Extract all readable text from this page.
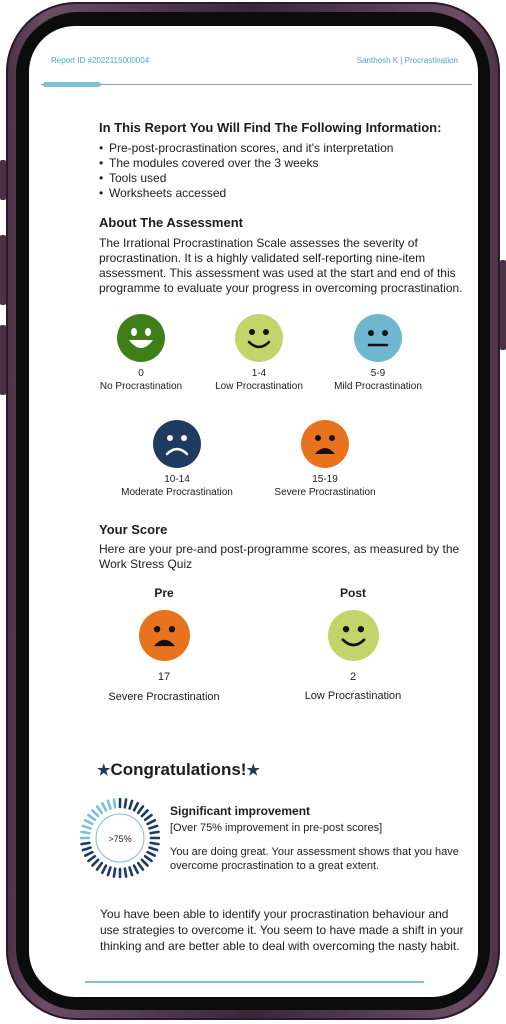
Report ID #2022115000004	Santhosh K | Procrastination
In This Report You Will Find The Following Information:
• Pre-post-procrastination scores, and it's interpretation
• The modules covered over the 3 weeks
• Tools used
• Worksheets accessed
About The Assessment

The Irrational Procrastination Scale assesses the severity of procrastination. It is a highly validated self-reporting nine-item assessment. This assessment was used at the start and end of this programme to evaluate your progress in overcoming procrastination.

0
No Procrastination
1-4
Low Procrastination
5-9
Mild Procrastination
10-14
Moderate Procrastination
15-19
Severe Procrastination
Your Score

Here are your pre-and post-programme scores, as measured by the Work Stress Quiz

Pre	Post
17
Severe Procrastination
2
Low Procrastination
★Congratulations!★
>75%
Significant improvement
[Over 75% improvement in pre-post scores]
You are doing great. Your assessment shows that you have overcome procrastination to a great extent.
You have been able to identify your procrastination behaviour and use strategies to overcome it. You seem to have made a shift in your thinking and are better able to deal with overcoming the nasty habit.
